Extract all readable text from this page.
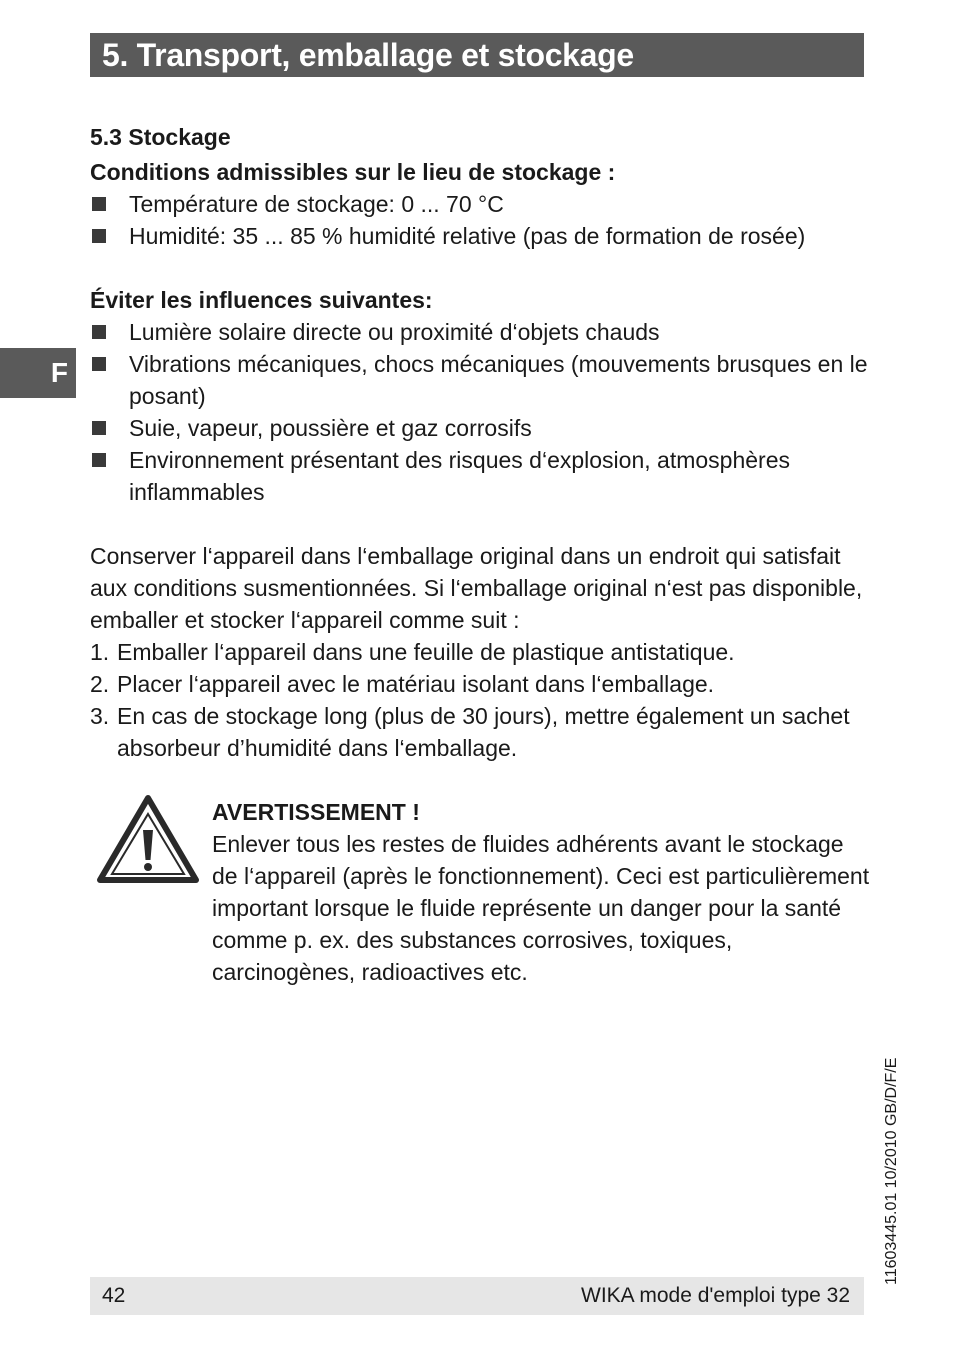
5. Transport, emballage et stockage
F
5.3 Stockage
Conditions admissibles sur le lieu de stockage :
Température de stockage: 0 ... 70 °C
Humidité: 35 ... 85 % humidité relative (pas de formation de rosée)
Éviter les influences suivantes:
Lumière solaire directe ou proximité d‘objets chauds
Vibrations mécaniques, chocs mécaniques (mouvements brusques en le posant)
Suie, vapeur, poussière et gaz corrosifs
Environnement présentant des risques d‘explosion, atmosphères inflammables

Conserver l‘appareil dans l‘emballage original dans un endroit qui satisfait aux conditions susmentionnées. Si l‘emballage original n‘est pas disponible, emballer et stocker l‘appareil comme suit :

1. Emballer l‘appareil dans une feuille de plastique antistatique.
2. Placer l‘appareil avec le matériau isolant dans l‘emballage.
3. En cas de stockage long (plus de 30 jours), mettre également un sachet absorbeur d’humidité dans l‘emballage.
AVERTISSEMENT !
Enlever tous les restes de fluides adhérents avant le stockage de l‘appareil (après le fonctionnement). Ceci est particulièrement important lorsque le fluide représente un danger pour la santé comme p. ex. des substances corrosives, toxiques, carcinogènes, radioactives etc.
11603445.01 10/2010 GB/D/F/E
42	WIKA mode d'emploi type 32
